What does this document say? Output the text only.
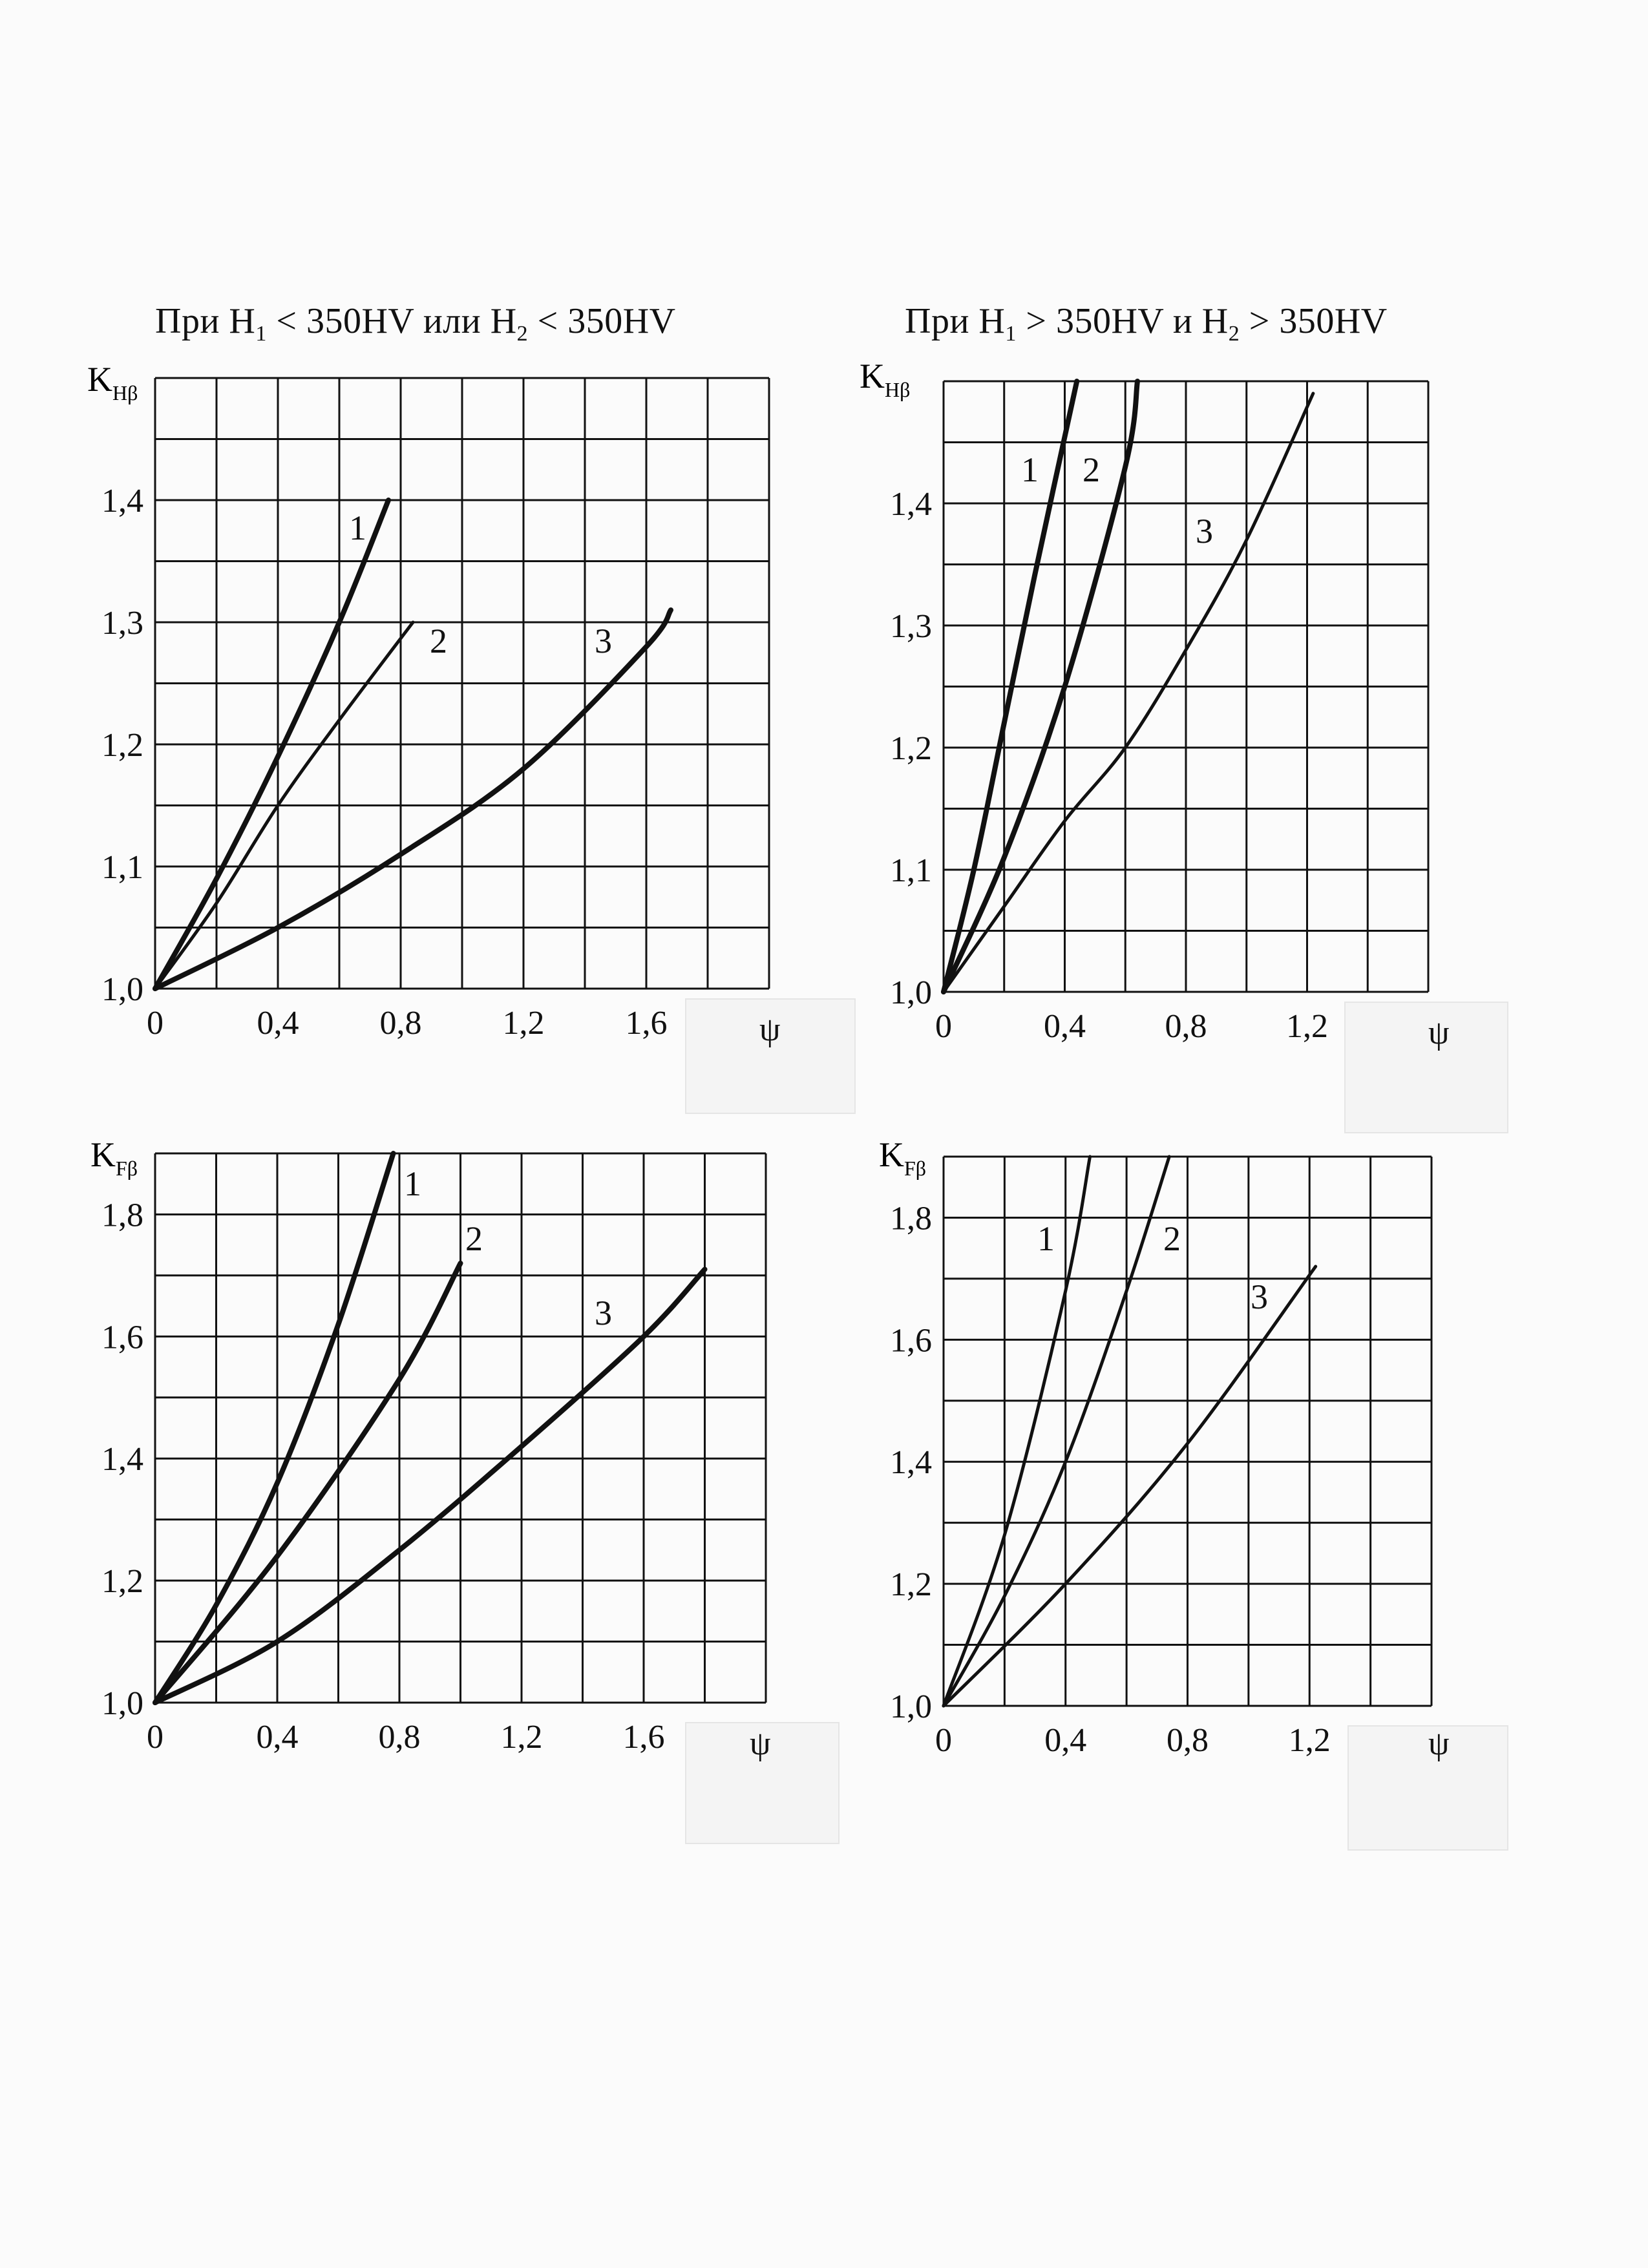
При $H_1 < 350HV$ или $H_2 < 350HV$	При $H_1 > 350HV$ и $H_2 > 350HV$
1,0
1,1
1,2
1,3
1,4
0	0,4 0,8 1,2 1,6
$K_{H\beta}$
ψ
1
2	3
1,0
1,1
1,2
1,3
1,4
0	0,4 0,8 1,2
$K_{H\beta}$
ψ
1 2
3
1,0
1,2
1,4
1,6
1,8
0	0,4 0,8 1,2 1,6
$K_{F\beta}$
ψ
1
2
3
1,0
1,2
1,4
1,6
1,8
0	0,4 0,8 1,2
$K_{F\beta}$
ψ
1	2
3
